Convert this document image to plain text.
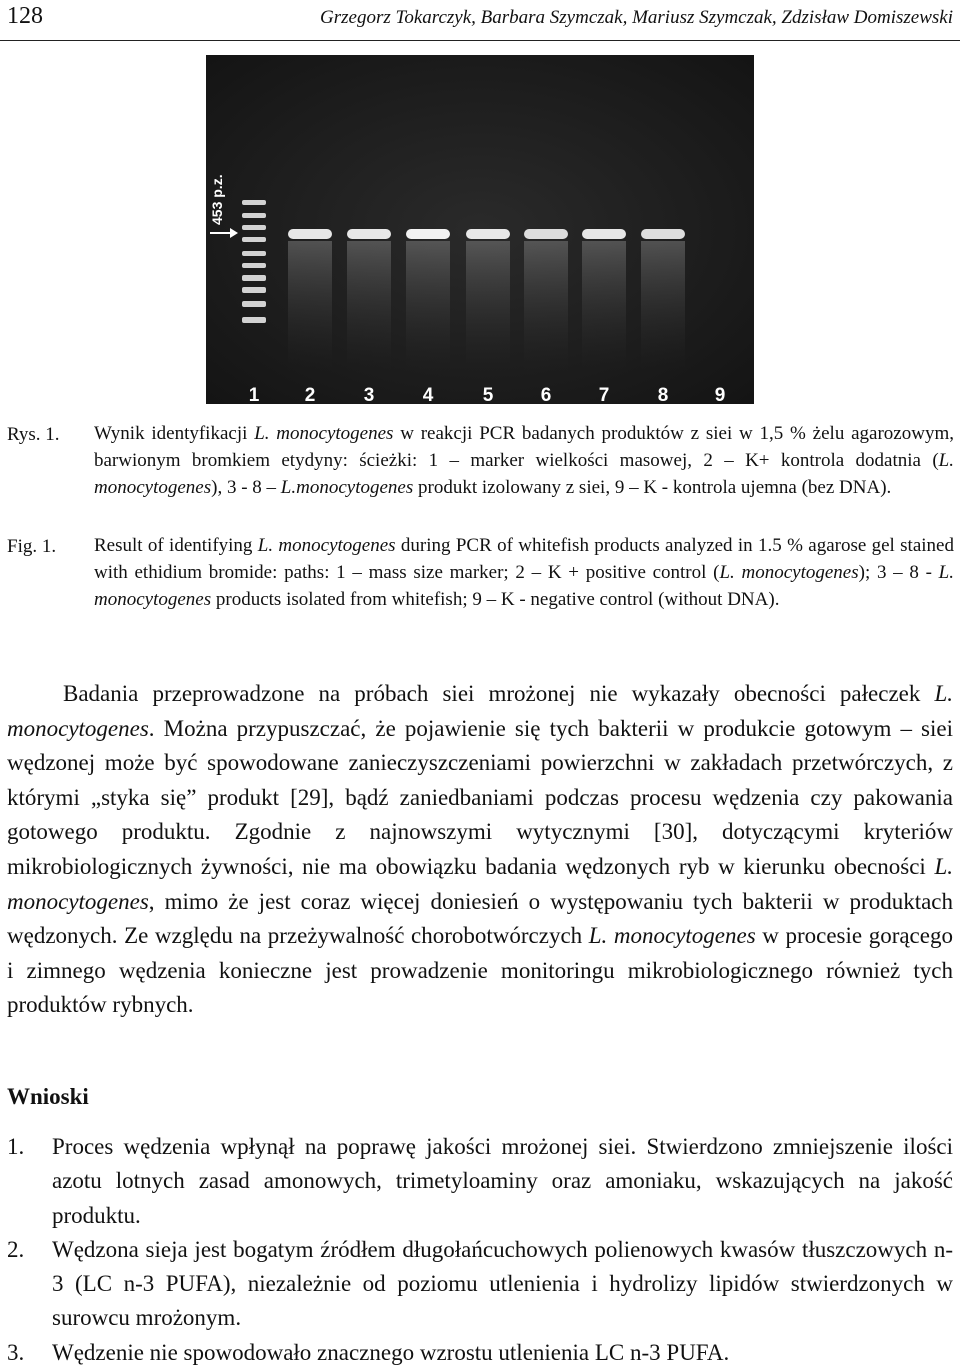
128	Grzegorz Tokarczyk, Barbara Szymczak, Mariusz Szymczak, Zdzisław Domiszewski
1 2	3	4	5 6 7	8 9
453 p.z.
Rys. 1. Wynik identyfikacji L. monocytogenes w reakcji PCR badanych produktów z siei w 1,5 % żelu agarozowym, barwionym bromkiem etydyny: ścieżki: 1 – marker wielkości masowej, 2 – K+ kontrola dodatnia (L. monocytogenes), 3 - 8 – L.monocytogenes produkt izolowany z siei, 9 – K - kontrola ujemna (bez DNA).
Fig. 1. Result of identifying L. monocytogenes during PCR of whitefish products analyzed in 1.5 % agarose gel stained with ethidium bromide: paths: 1 – mass size marker; 2 – K + positive control (L. monocytogenes); 3 – 8 - L. monocytogenes products isolated from whitefish; 9 – K - negative control (without DNA).
Badania przeprowadzone na próbach siei mrożonej nie wykazały obecności pałeczek L. monocytogenes. Można przypuszczać, że pojawienie się tych bakterii w produkcie gotowym – siei wędzonej może być spowodowane zanieczyszczeniami powierzchni w zakładach przetwórczych, z którymi „styka się” produkt [29], bądź zaniedbaniami podczas procesu wędzenia czy pakowania gotowego produktu. Zgodnie z najnowszymi wytycznymi [30], dotyczącymi kryteriów mikrobiologicznych żywności, nie ma obowiązku badania wędzonych ryb w kierunku obecności L. monocytogenes, mimo że jest coraz więcej doniesień o występowaniu tych bakterii w produktach wędzonych. Ze względu na przeżywalność chorobotwórczych L. monocytogenes w procesie gorącego i zimnego wędzenia konieczne jest prowadzenie monitoringu mikrobiologicznego również tych produktów rybnych.
Wnioski
1. Proces wędzenia wpłynął na poprawę jakości mrożonej siei. Stwierdzono zmniejszenie ilości azotu lotnych zasad amonowych, trimetyloaminy oraz amoniaku, wskazujących na jakość produktu.
2. Wędzona sieja jest bogatym źródłem długołańcuchowych polienowych kwasów tłuszczowych n-3 (LC n-3 PUFA), niezależnie od poziomu utlenienia i hydrolizy lipidów stwierdzonych w surowcu mrożonym.
3. Wędzenie nie spowodowało znacznego wzrostu utlenienia LC n-3 PUFA.
